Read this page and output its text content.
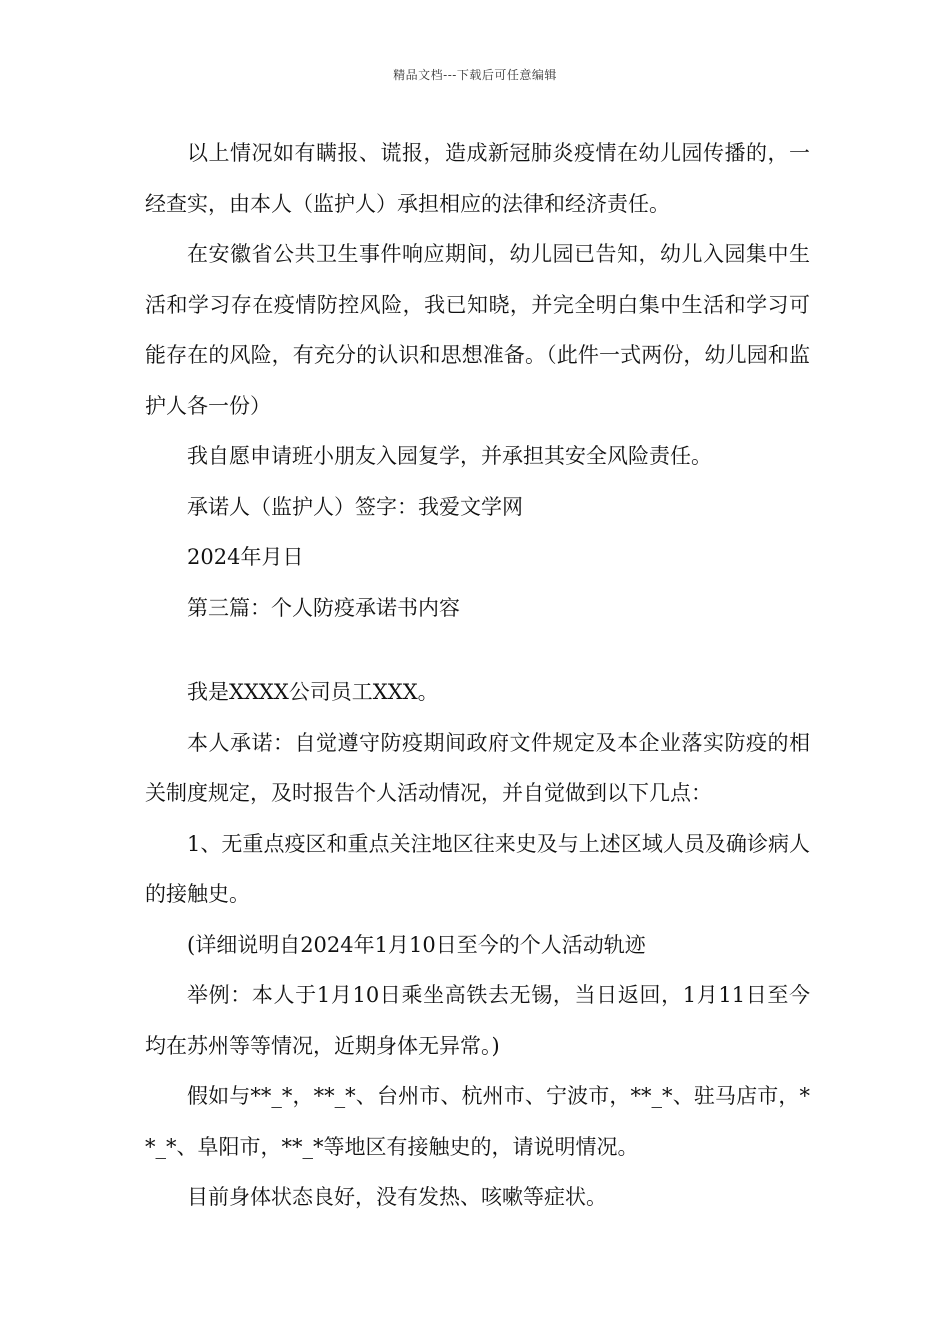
精品文档---下载后可任意编辑

以上情况如有瞒报、谎报，造成新冠肺炎疫情在幼儿园传播的，一经查实，由本人（监护人）承担相应的法律和经济责任。

在安徽省公共卫生事件响应期间，幼儿园已告知，幼儿入园集中生活和学习存在疫情防控风险，我已知晓，并完全明白集中生活和学习可能存在的风险，有充分的认识和思想准备。（此件一式两份，幼儿园和监护人各一份）

我自愿申请班小朋友入园复学，并承担其安全风险责任。

承诺人（监护人）签字：我爱文学网

2024年月日

第三篇：个人防疫承诺书内容

我是XXXX公司员工XXX。

本人承诺：自觉遵守防疫期间政府文件规定及本企业落实防疫的相关制度规定，及时报告个人活动情况，并自觉做到以下几点：

1、无重点疫区和重点关注地区往来史及与上述区域人员及确诊病人的接触史。

(详细说明自2024年1月10日至今的个人活动轨迹

举例：本人于1月10日乘坐高铁去无锡，当日返回，1月11日至今均在苏州等等情况，近期身体无异常。)

假如与**_*，**_*、台州市、杭州市、宁波市，**_*、驻马店市，**_*、阜阳市，**_*等地区有接触史的，请说明情况。

目前身体状态良好，没有发热、咳嗽等症状。
